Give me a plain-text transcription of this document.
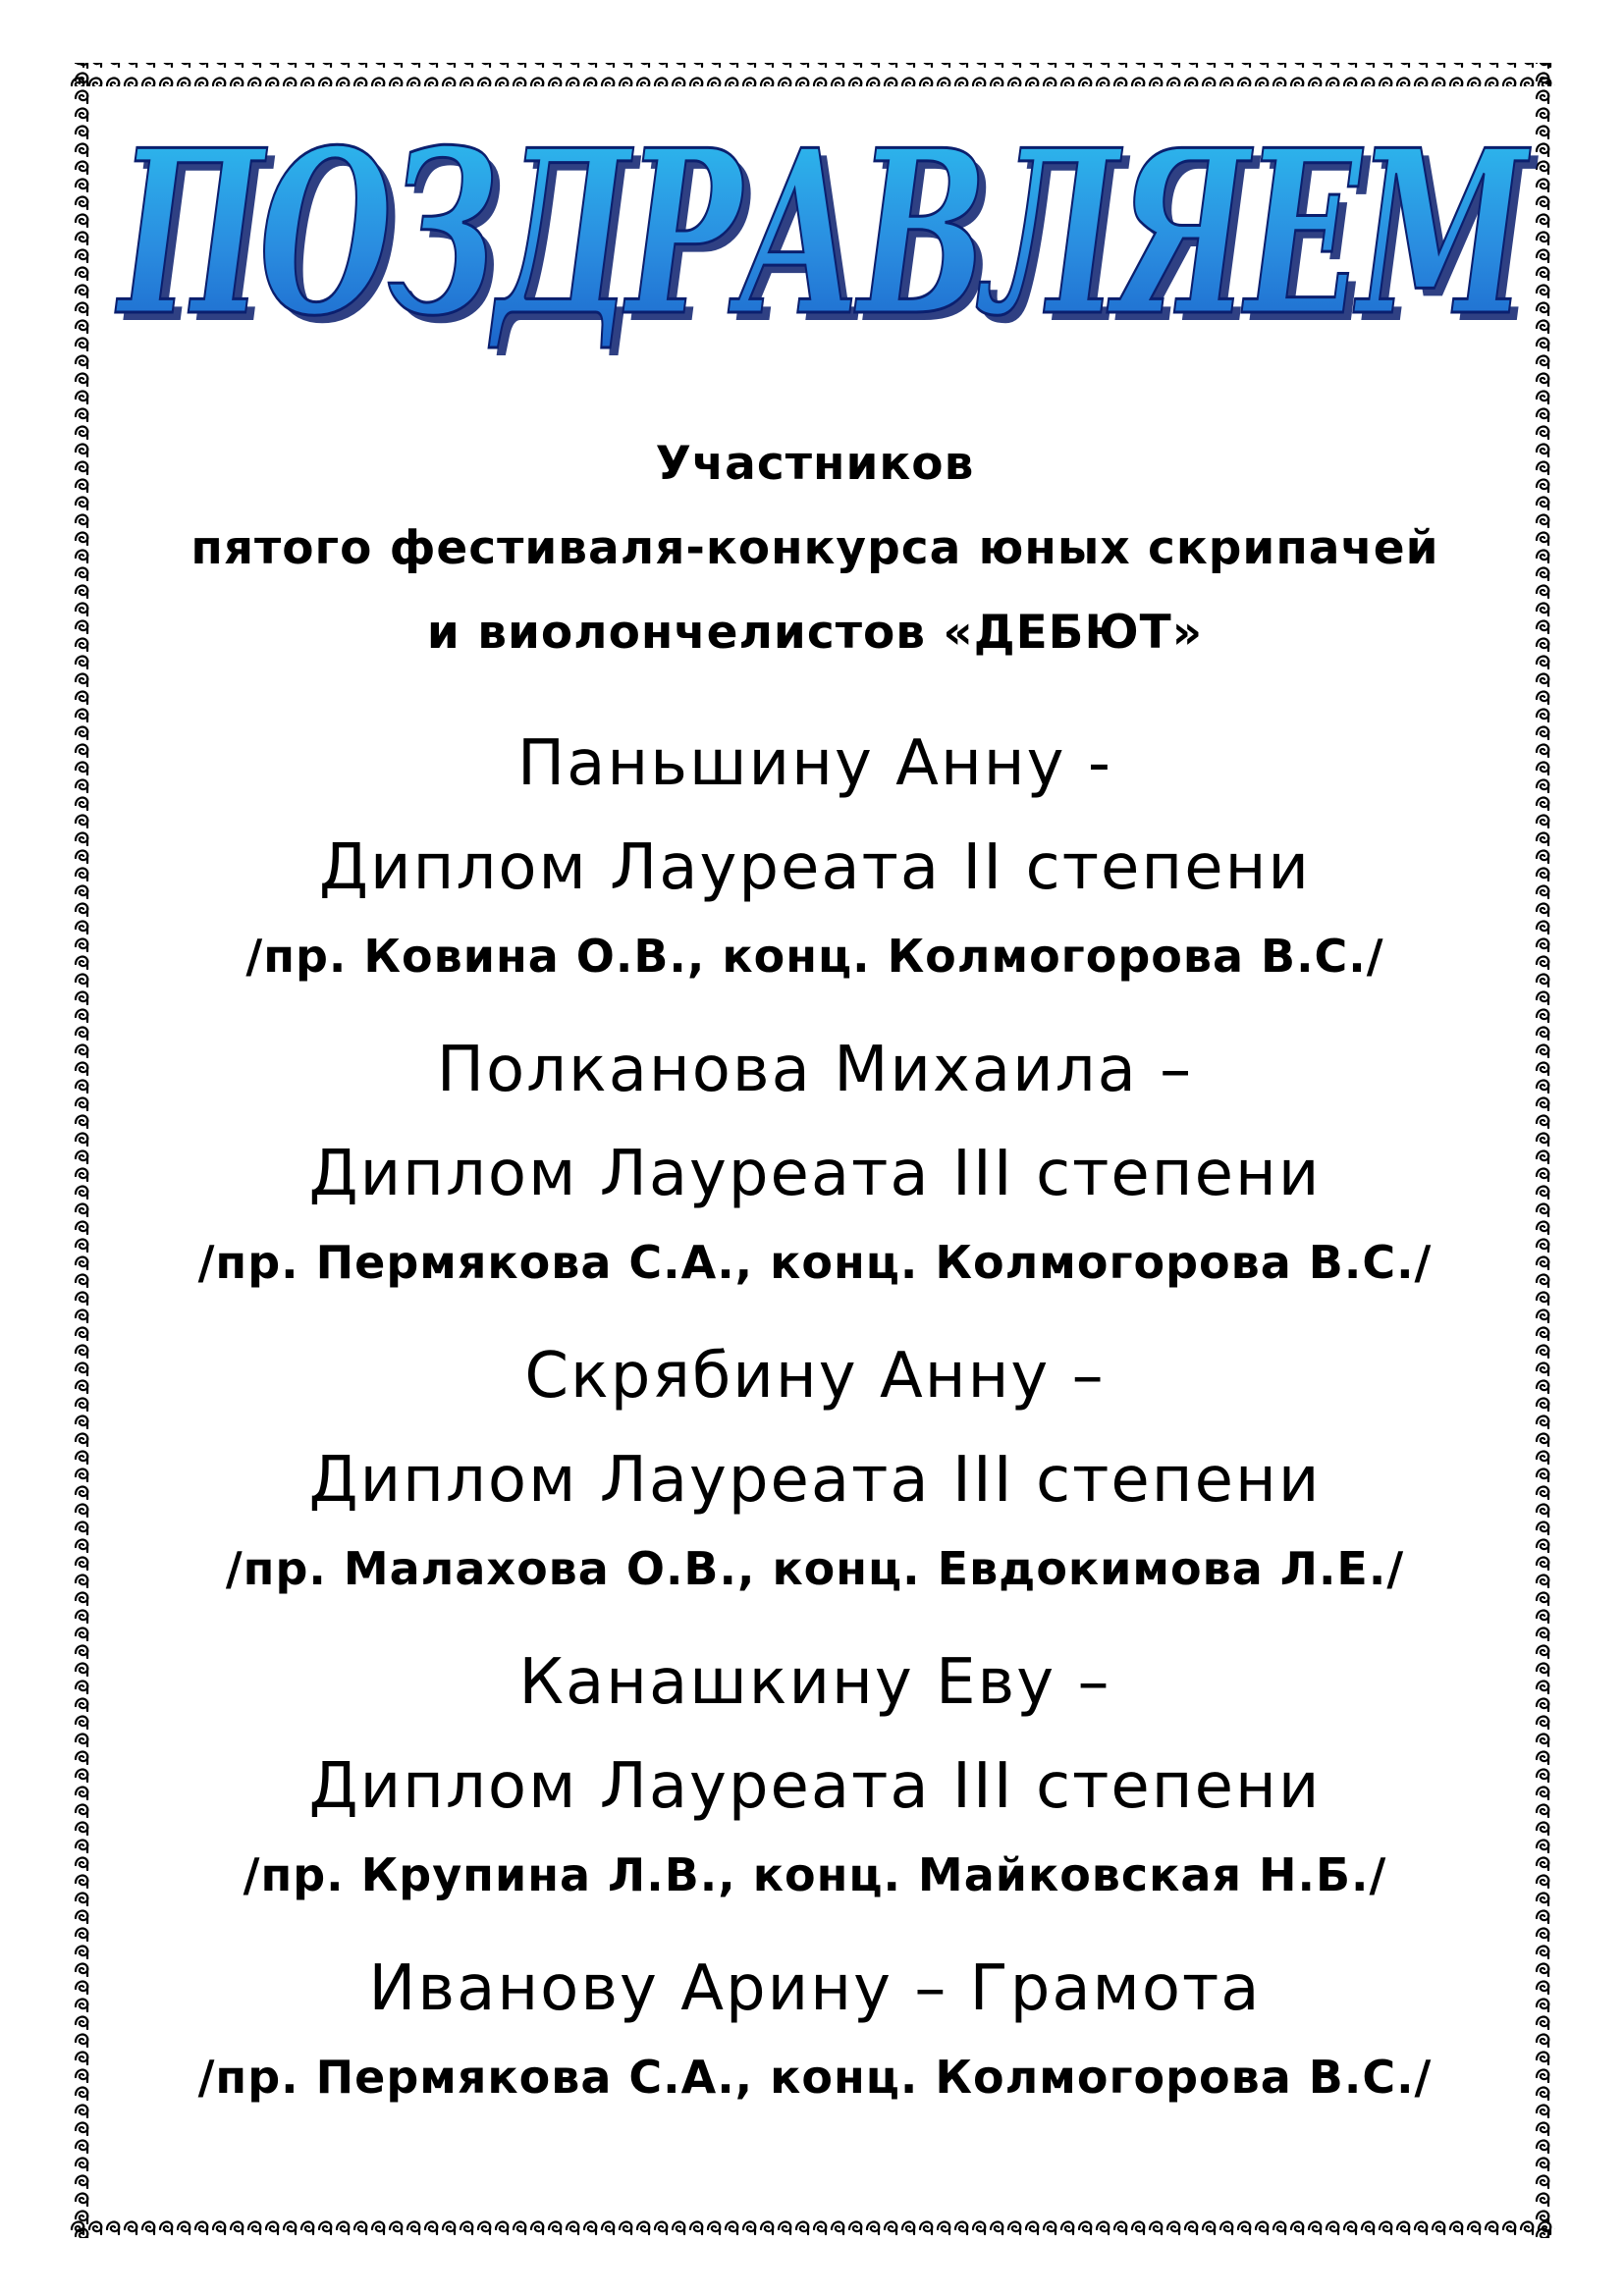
ПОЗДРАВЛЯЕМ
ПОЗДРАВЛЯЕМ
Участников
пятого фестиваля-конкурса юных скрипачей
и виолончелистов «ДЕБЮТ»
Паньшину Анну -
Диплом Лауреата II степени
/пр. Ковина О.В., конц. Колмогорова В.С./
Полканова Михаила –
Диплом Лауреата III степени
/пр. Пермякова С.А., конц. Колмогорова В.С./
Скрябину Анну –
Диплом Лауреата III степени
/пр. Малахова О.В., конц. Евдокимова Л.Е./
Канашкину Еву –
Диплом Лауреата III степени
/пр. Крупина Л.В., конц. Майковская Н.Б./
Иванову Арину – Грамота
/пр. Пермякова С.А., конц. Колмогорова В.С./
